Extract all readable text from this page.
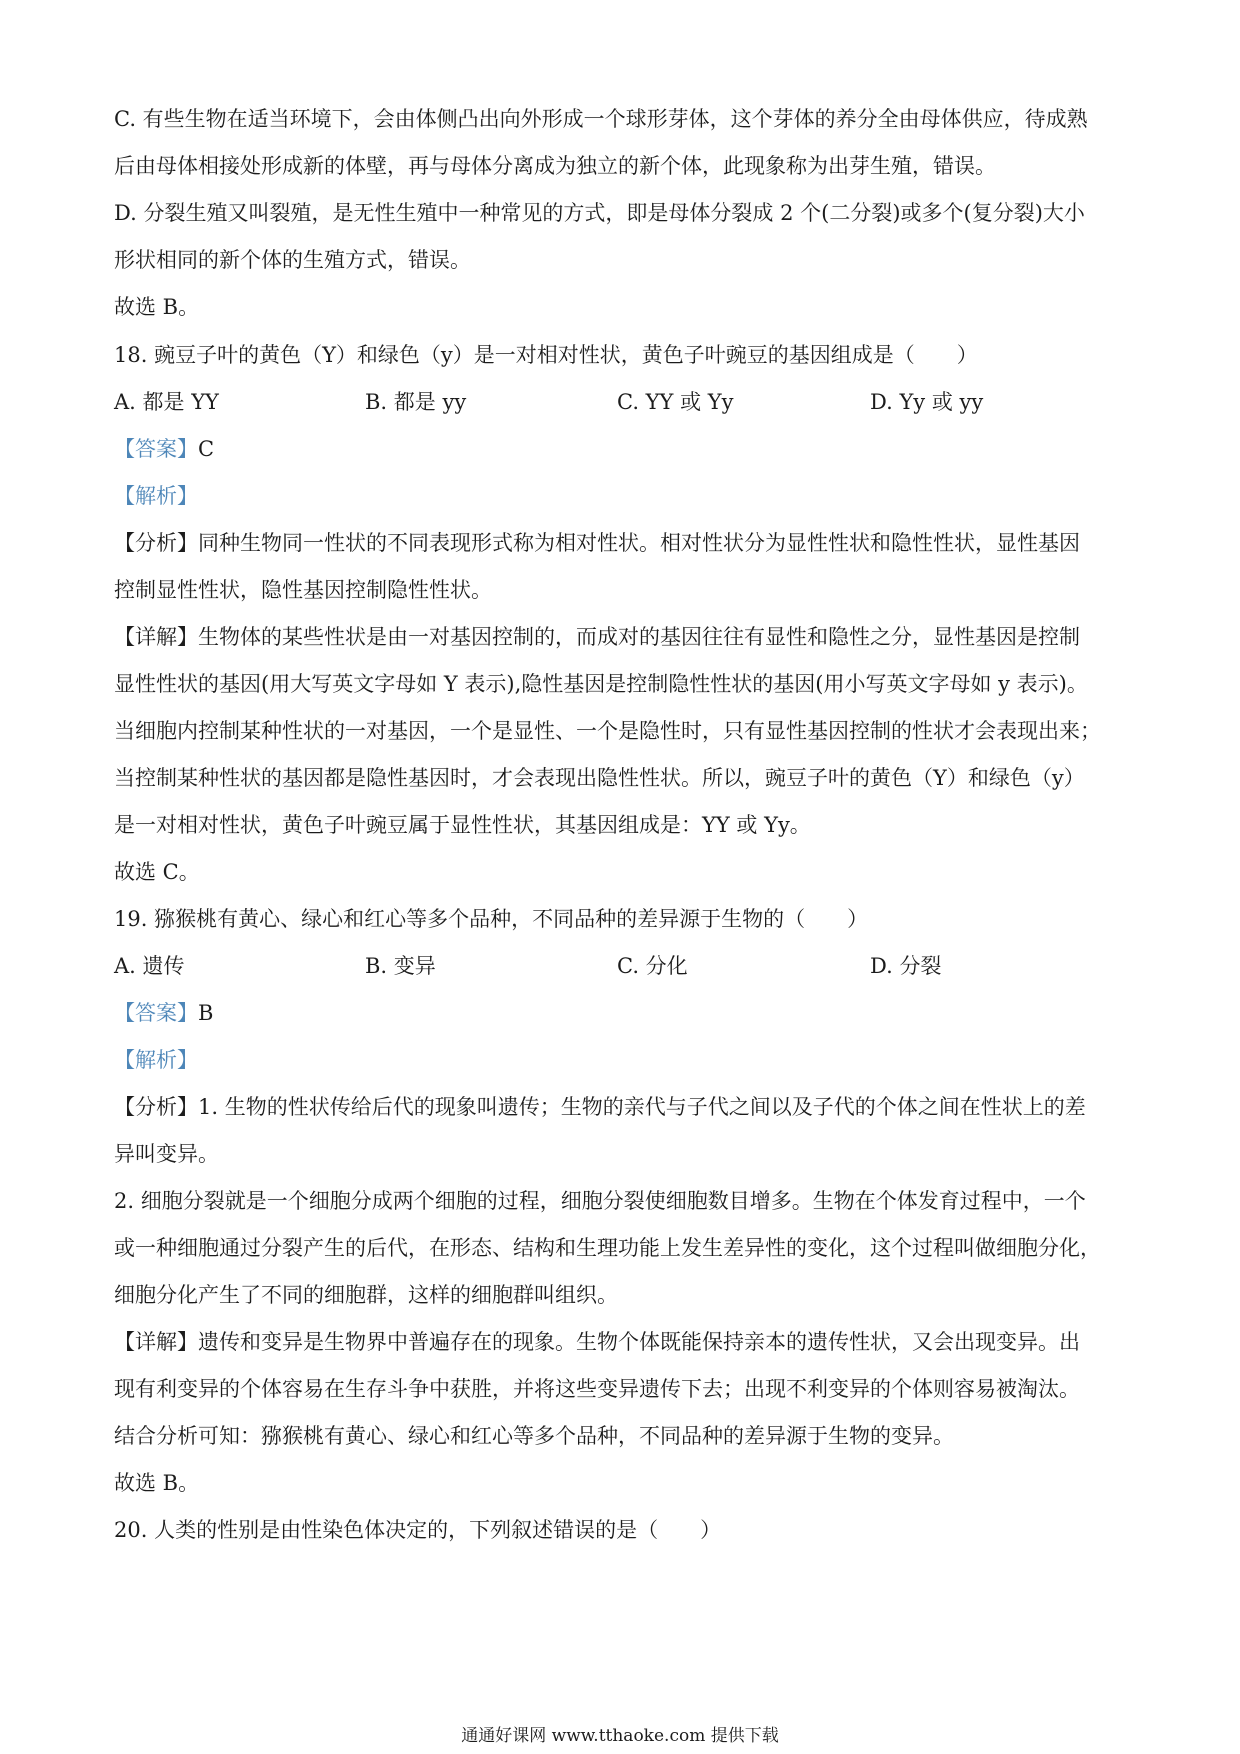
C. 有些生物在适当环境下，会由体侧凸出向外形成一个球形芽体，这个芽体的养分全由母体供应，待成熟
后由母体相接处形成新的体壁，再与母体分离成为独立的新个体，此现象称为出芽生殖，错误。
D. 分裂生殖又叫裂殖，是无性生殖中一种常见的方式，即是母体分裂成 2 个(二分裂)或多个(复分裂)大小
形状相同的新个体的生殖方式，错误。
故选 B。
18. 豌豆子叶的黄色（Y）和绿色（y）是一对相对性状，黄色子叶豌豆的基因组成是（　　）
A. 都是 YY	B. 都是 yy	C. YY 或 Yy	D. Yy 或 yy
【答案】C
【解析】
【分析】同种生物同一性状的不同表现形式称为相对性状。相对性状分为显性性状和隐性性状，显性基因
控制显性性状，隐性基因控制隐性性状。
【详解】生物体的某些性状是由一对基因控制的，而成对的基因往往有显性和隐性之分，显性基因是控制
显性性状的基因(用大写英文字母如 Y 表示),隐性基因是控制隐性性状的基因(用小写英文字母如 y 表示)。
当细胞内控制某种性状的一对基因，一个是显性、一个是隐性时，只有显性基因控制的性状才会表现出来；
当控制某种性状的基因都是隐性基因时，才会表现出隐性性状。所以，豌豆子叶的黄色（Y）和绿色（y）
是一对相对性状，黄色子叶豌豆属于显性性状，其基因组成是：YY 或 Yy。
故选 C。
19. 猕猴桃有黄心、绿心和红心等多个品种，不同品种的差异源于生物的（　　）
A. 遗传	B. 变异	C. 分化	D. 分裂
【答案】B
【解析】
【分析】1. 生物的性状传给后代的现象叫遗传；生物的亲代与子代之间以及子代的个体之间在性状上的差
异叫变异。
2. 细胞分裂就是一个细胞分成两个细胞的过程，细胞分裂使细胞数目增多。生物在个体发育过程中，一个
或一种细胞通过分裂产生的后代，在形态、结构和生理功能上发生差异性的变化，这个过程叫做细胞分化，
细胞分化产生了不同的细胞群，这样的细胞群叫组织。
【详解】遗传和变异是生物界中普遍存在的现象。生物个体既能保持亲本的遗传性状，又会出现变异。出
现有利变异的个体容易在生存斗争中获胜，并将这些变异遗传下去；出现不利变异的个体则容易被淘汰。
结合分析可知：猕猴桃有黄心、绿心和红心等多个品种，不同品种的差异源于生物的变异。
故选 B。
20. 人类的性别是由性染色体决定的，下列叙述错误的是（　　）
通通好课网 www.tthaoke.com 提供下载
